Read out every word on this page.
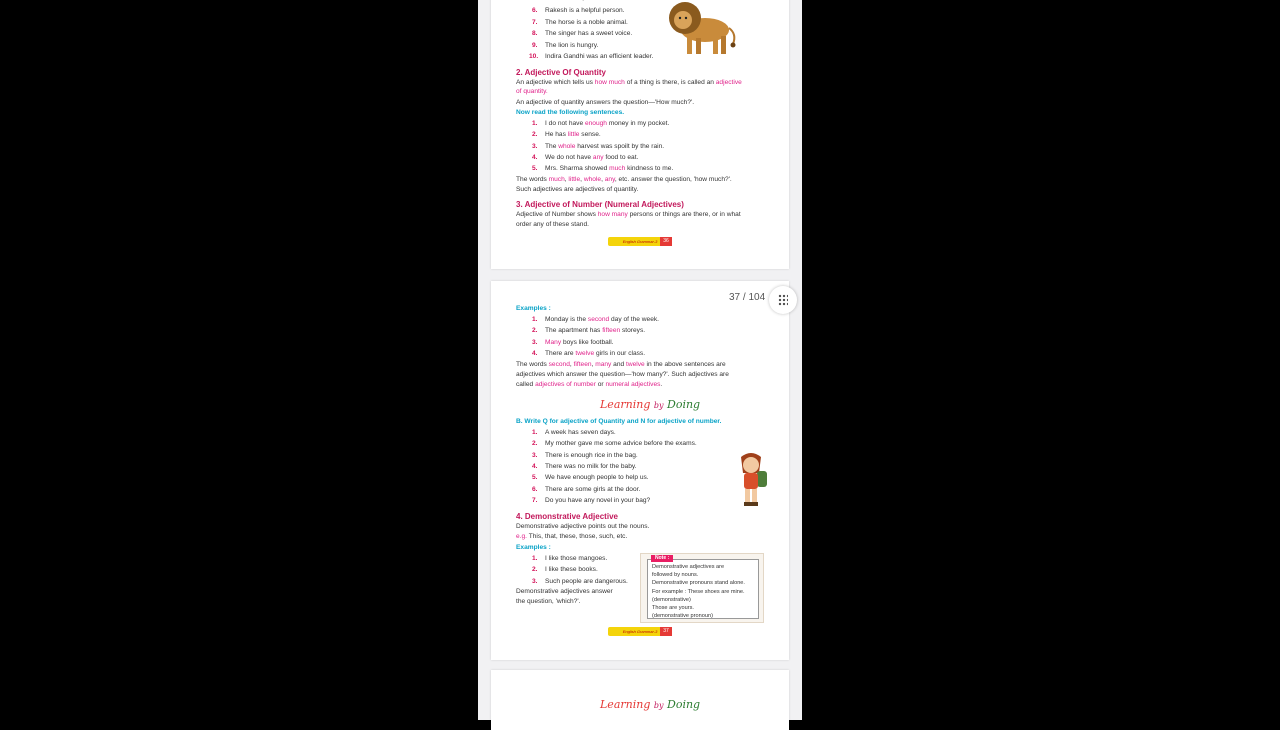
6. Rakesh is a helpful person.
7. The horse is a noble animal.
8. The singer has a sweet voice.
9. The lion is hungry.
10. Indira Gandhi was an efficient leader.
2. Adjective Of Quantity
An adjective which tells us how much of a thing is there, is called an adjective
of quantity.
An adjective of quantity answers the question—'How much?'.
Now read the following sentences.
1. I do not have enough money in my pocket.
2. He has little sense.
3. The whole harvest was spoilt by the rain.
4. We do not have any food to eat.
5. Mrs. Sharma showed much kindness to me.
The words much, little, whole, any, etc. answer the question, 'how much?'.
Such adjectives are adjectives of quantity.
3. Adjective of Number (Numeral Adjectives)
Adjective of Number shows how many persons or things are there, or in what
order any of these stand.
English Grammar-3	36
37 / 104
Examples :
1. Monday is the second day of the week.
2. The apartment has fifteen storeys.
3. Many boys like football.
4. There are twelve girls in our class.
The words second, fifteen, many and twelve in the above sentences are
adjectives which answer the question—'how many?'. Such adjectives are
called adjectives of number or numeral adjectives.
Learning by Doing
B. Write Q for adjective of Quantity and N for adjective of number.
1. A week has seven days.
2. My mother gave me some advice before the exams.
3. There is enough rice in the bag.
4. There was no milk for the baby.
5. We have enough people to help us.
6. There are some girls at the door.
7. Do you have any novel in your bag?
4. Demonstrative Adjective
Demonstrative adjective points out the nouns.
e.g. This, that, these, those, such, etc.
Examples :
1. I like those mangoes.
2. I like these books.
3. Such people are dangerous.
Demonstrative adjectives answer
the question, 'which?'.
Note :
Demonstrative adjectives are
followed by nouns.
Demonstrative pronouns stand alone.
For example : These shoes are mine.
(demonstrative)
Those are yours.
(demonstrative pronoun)
English Grammar-3	37
Learning by Doing
